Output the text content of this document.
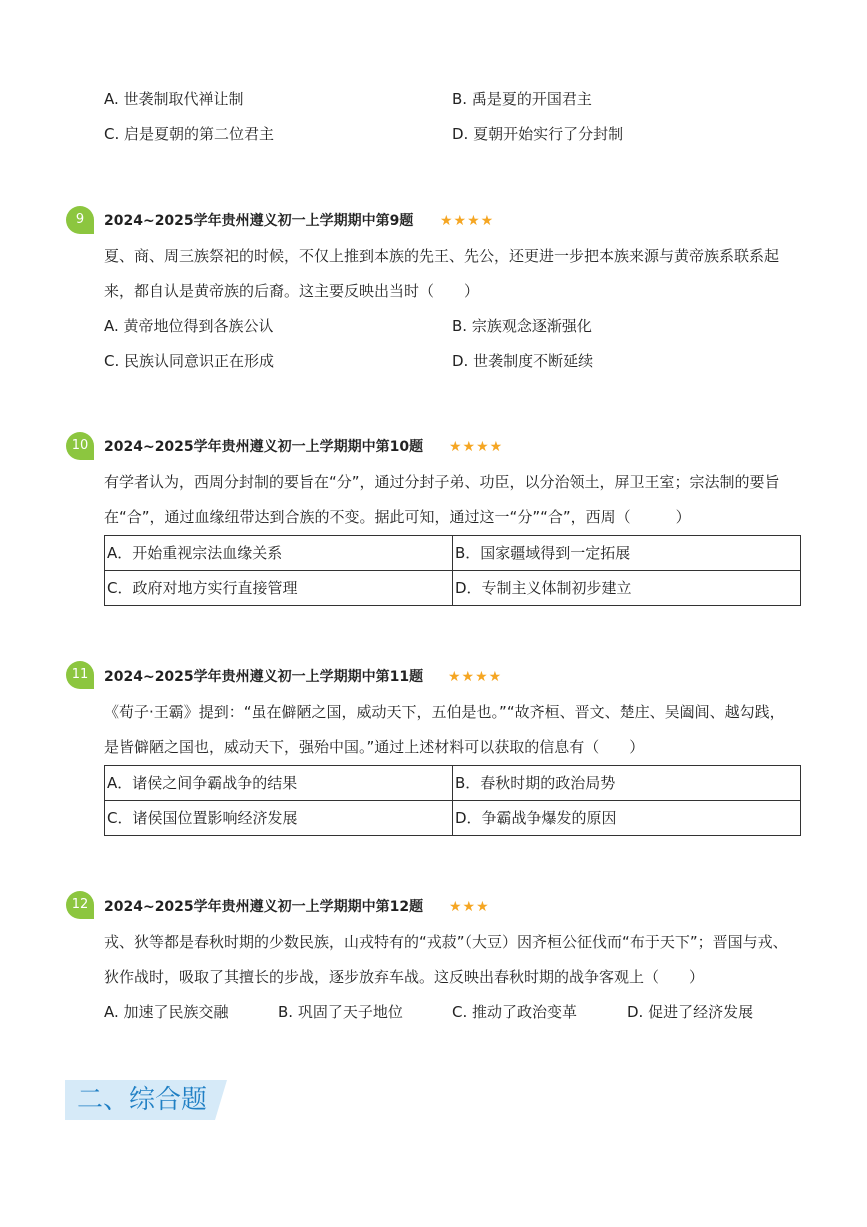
A. 世袭制取代禅让制	B. 禹是夏的开国君主
C. 启是夏朝的第二位君主	D. 夏朝开始实行了分封制
9	2024~2025学年贵州遵义初一上学期期中第9题 ★★★★
夏、商、周三族祭祀的时候，不仅上推到本族的先王、先公，还更进一步把本族来源与黄帝族系联系起
来，都自认是黄帝族的后裔。这主要反映出当时（　　）
A. 黄帝地位得到各族公认	B. 宗族观念逐渐强化
C. 民族认同意识正在形成	D. 世袭制度不断延续
10	2024~2025学年贵州遵义初一上学期期中第10题 ★★★★
有学者认为，西周分封制的要旨在“分”，通过分封子弟、功臣，以分治领土，屏卫王室；宗法制的要旨
在“合”，通过血缘纽带达到合族的不变。据此可知，通过这一“分”“合”，西周（　　　）
A．开始重视宗法血缘关系	B．国家疆域得到一定拓展
C．政府对地方实行直接管理	D．专制主义体制初步建立
11	2024~2025学年贵州遵义初一上学期期中第11题 ★★★★
《荀子·王霸》提到：“虽在僻陋之国，威动天下，五伯是也。”“故齐桓、晋文、楚庄、吴阖闾、越勾践，
是皆僻陋之国也，威动天下，强殆中国。”通过上述材料可以获取的信息有（　　）
A．诸侯之间争霸战争的结果	B．春秋时期的政治局势
C．诸侯国位置影响经济发展	D．争霸战争爆发的原因
12	2024~2025学年贵州遵义初一上学期期中第12题 ★★★
戎、狄等都是春秋时期的少数民族，山戎特有的“戎菽”（大豆）因齐桓公征伐而“布于天下”；晋国与戎、
狄作战时，吸取了其擅长的步战，逐步放弃车战。这反映出春秋时期的战争客观上（　　）
A. 加速了民族交融	B. 巩固了天子地位	C. 推动了政治变革	D. 促进了经济发展
二、综合题
